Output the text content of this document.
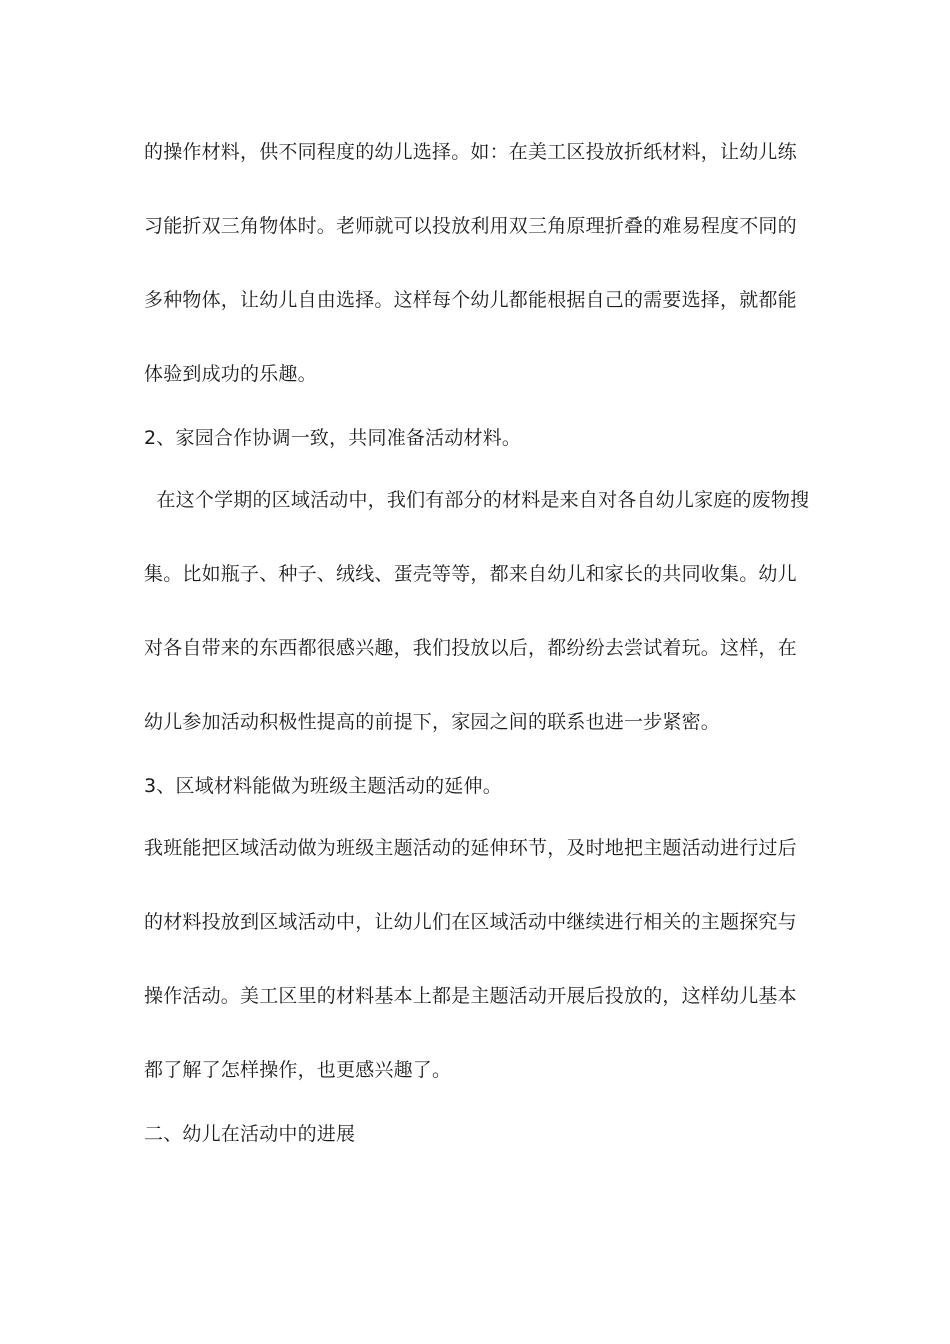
的操作材料，供不同程度的幼儿选择。如：在美工区投放折纸材料，让幼儿练
习能折双三角物体时。老师就可以投放利用双三角原理折叠的难易程度不同的
多种物体，让幼儿自由选择。这样每个幼儿都能根据自己的需要选择，就都能
体验到成功的乐趣。
2、家园合作协调一致，共同准备活动材料。
在这个学期的区域活动中，我们有部分的材料是来自对各自幼儿家庭的废物搜
集。比如瓶子、种子、绒线、蛋壳等等，都来自幼儿和家长的共同收集。幼儿
对各自带来的东西都很感兴趣，我们投放以后，都纷纷去尝试着玩。这样，在
幼儿参加活动积极性提高的前提下，家园之间的联系也进一步紧密。
3、区域材料能做为班级主题活动的延伸。
我班能把区域活动做为班级主题活动的延伸环节，及时地把主题活动进行过后
的材料投放到区域活动中，让幼儿们在区域活动中继续进行相关的主题探究与
操作活动。美工区里的材料基本上都是主题活动开展后投放的，这样幼儿基本
都了解了怎样操作，也更感兴趣了。
二、幼儿在活动中的进展
